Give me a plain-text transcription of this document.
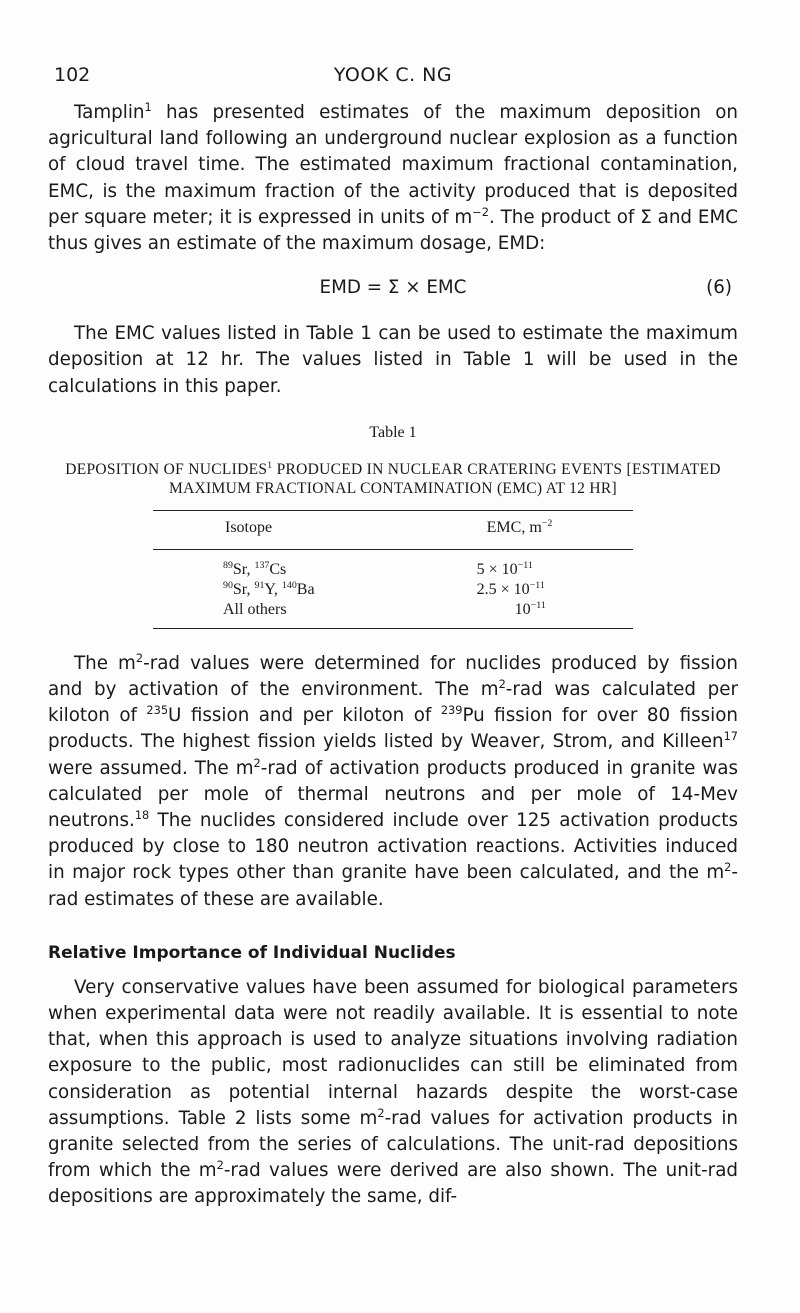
102	YOOK C. NG

Tamplin$^1$ has presented estimates of the maximum deposition on agricultural land following an underground nuclear explosion as a function of cloud travel time. The estimated maximum fractional contamination, EMC, is the maximum fraction of the activity produced that is deposited per square meter; it is expressed in units of $m^{-2}$. The product of Σ and EMC thus gives an estimate of the maximum dosage, EMD:

EMD = Σ × EMC	(6)

The EMC values listed in Table 1 can be used to estimate the maximum deposition at 12 hr. The values listed in Table 1 will be used in the calculations in this paper.

Table 1
DEPOSITION OF NUCLIDES$^1$ PRODUCED IN NUCLEAR CRATERING EVENTS [ESTIMATED MAXIMUM FRACTIONAL CONTAMINATION (EMC) AT 12 HR]
Isotope	EMC, $m^{-2}$
$^{89}$Sr, $^{137}$Cs	$5 \times 10^{-11}$
$^{90}$Sr, $^{91}$Y, $^{140}$Ba	$2.5 \times 10^{-11}$
All others	$10^{-11}$

The $m^2$-rad values were determined for nuclides produced by fission and by activation of the environment. The $m^2$-rad was calculated per kiloton of $^{235}$U fission and per kiloton of $^{239}$Pu fission for over 80 fission products. The highest fission yields listed by Weaver, Strom, and Killeen$^{17}$ were assumed. The $m^2$-rad of activation products produced in granite was calculated per mole of thermal neutrons and per mole of 14-Mev neutrons.$^{18}$ The nuclides considered include over 125 activation products produced by close to 180 neutron activation reactions. Activities induced in major rock types other than granite have been calculated, and the $m^2$-rad estimates of these are available.

Relative Importance of Individual Nuclides

Very conservative values have been assumed for biological parameters when experimental data were not readily available. It is essential to note that, when this approach is used to analyze situations involving radiation exposure to the public, most radionuclides can still be eliminated from consideration as potential internal hazards despite the worst-case assumptions. Table 2 lists some $m^2$-rad values for activation products in granite selected from the series of calculations. The unit-rad depositions from which the $m^2$-rad values were derived are also shown. The unit-rad depositions are approximately the same, dif-
